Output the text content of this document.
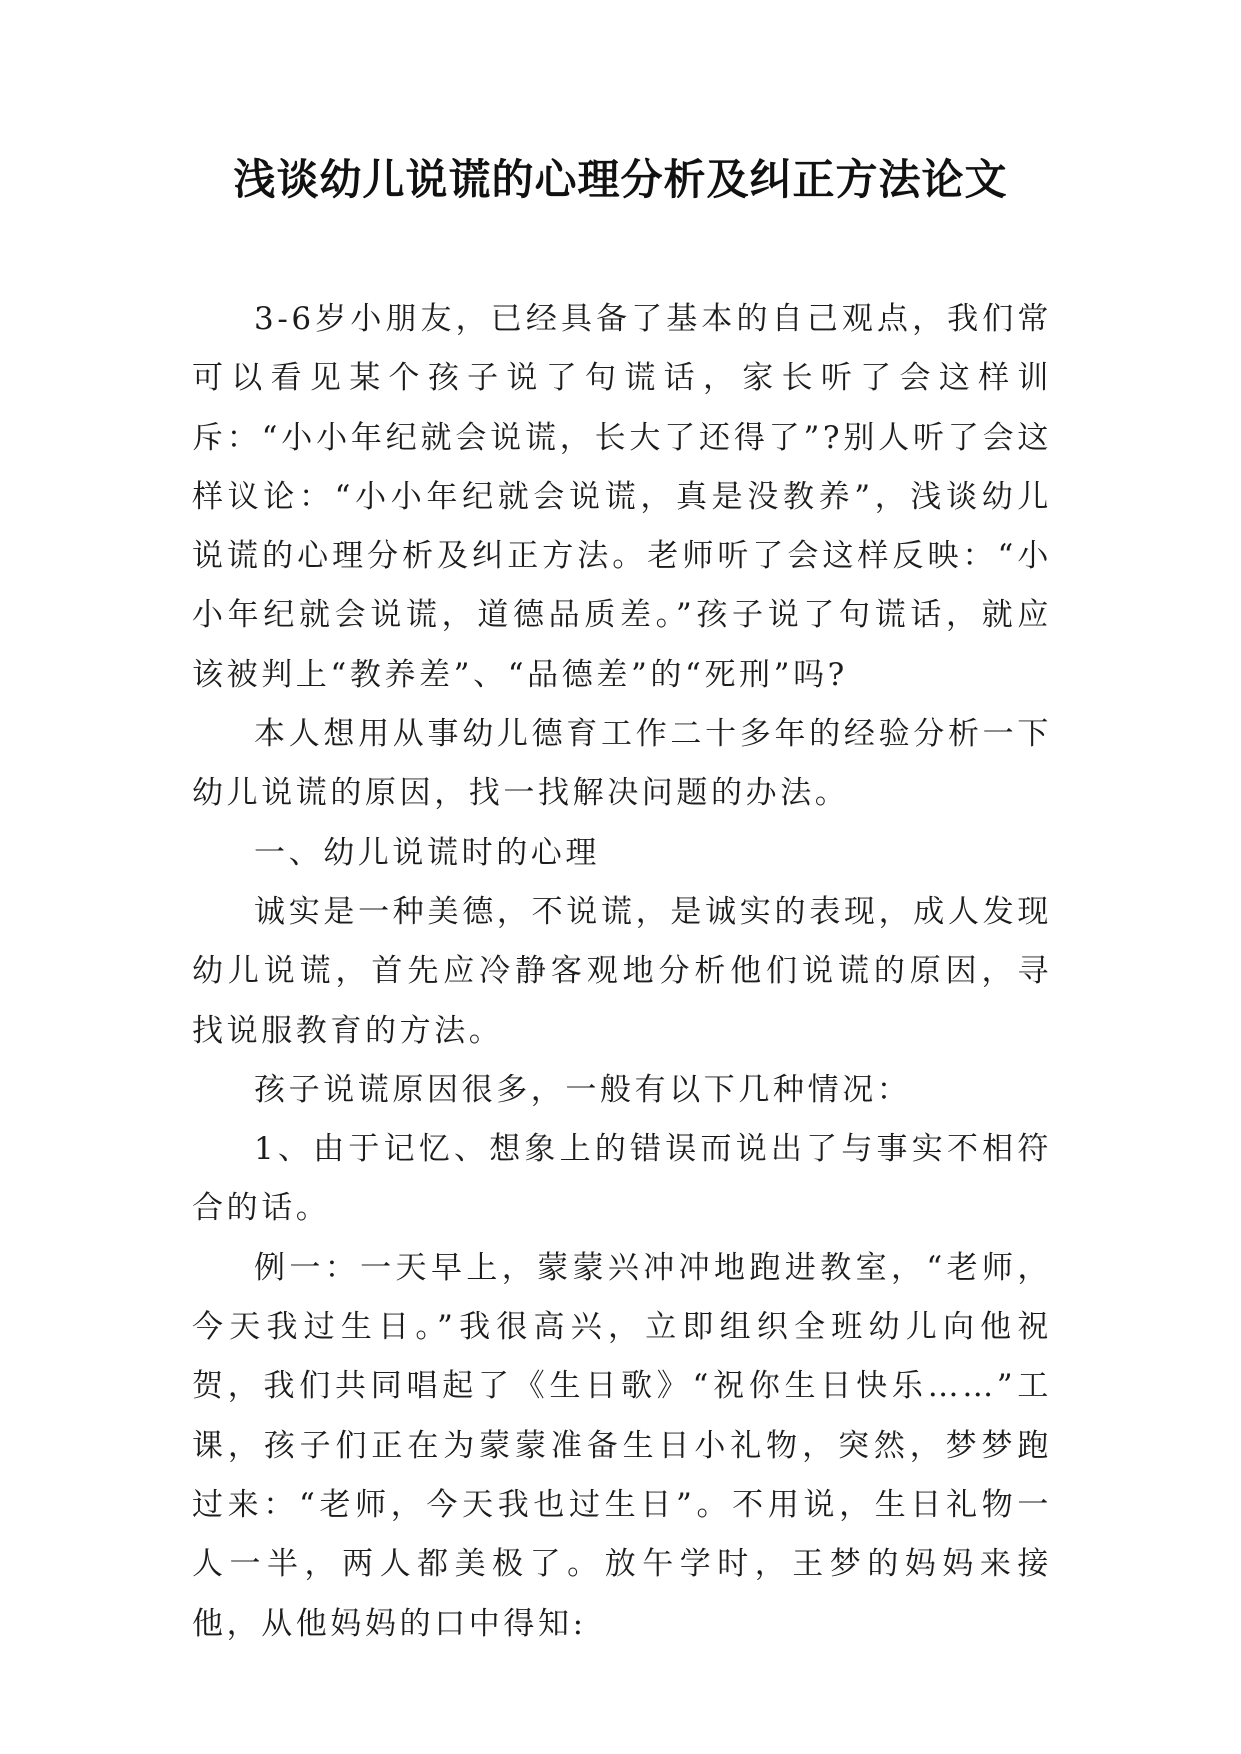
浅谈幼儿说谎的心理分析及纠正方法论文

3-6岁小朋友，已经具备了基本的自己观点，我们常可以看见某个孩子说了句谎话，家长听了会这样训斥：“小小年纪就会说谎，长大了还得了”?别人听了会这样议论：“小小年纪就会说谎，真是没教养”，浅谈幼儿说谎的心理分析及纠正方法。老师听了会这样反映：“小小年纪就会说谎，道德品质差。”孩子说了句谎话，就应该被判上“教养差”、“品德差”的“死刑”吗?

本人想用从事幼儿德育工作二十多年的经验分析一下幼儿说谎的原因，找一找解决问题的办法。

一、幼儿说谎时的心理

诚实是一种美德，不说谎，是诚实的表现，成人发现幼儿说谎，首先应冷静客观地分析他们说谎的原因，寻找说服教育的方法。

孩子说谎原因很多，一般有以下几种情况：

1、由于记忆、想象上的错误而说出了与事实不相符合的话。

例一：一天早上，蒙蒙兴冲冲地跑进教室，“老师，今天我过生日。”我很高兴，立即组织全班幼儿向他祝贺，我们共同唱起了《生日歌》“祝你生日快乐……”工课，孩子们正在为蒙蒙准备生日小礼物，突然，梦梦跑过来：“老师，今天我也过生日”。不用说，生日礼物一人一半，两人都美极了。放午学时，王梦的妈妈来接他，从他妈妈的口中得知:
